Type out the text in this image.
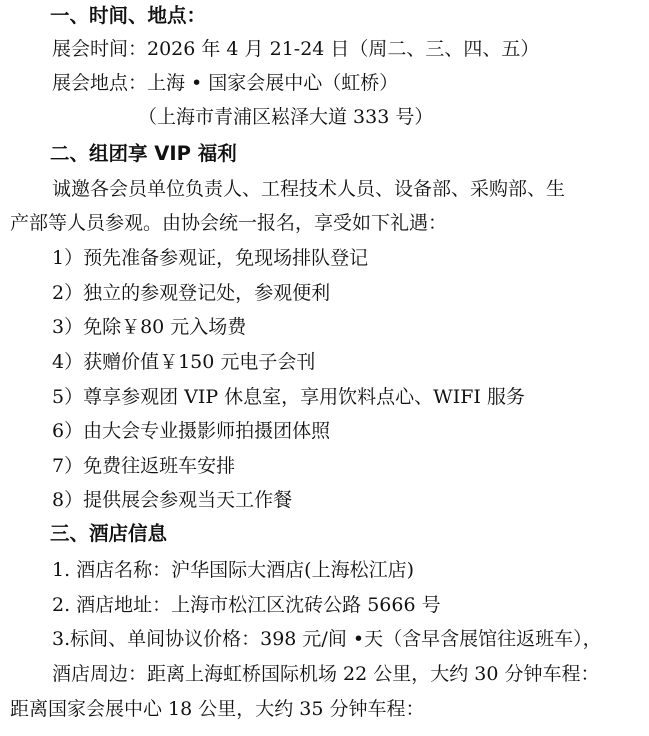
一、时间、地点：
展会时间：2026 年 4 月 21-24 日（周二、三、四、五）
展会地点：上海 • 国家会展中心（虹桥）
（上海市青浦区崧泽大道 333 号）
二、组团享 VIP 福利
诚邀各会员单位负责人、工程技术人员、设备部、采购部、生
产部等人员参观。由协会统一报名，享受如下礼遇：
1）预先准备参观证，免现场排队登记
2）独立的参观登记处，参观便利
3）免除￥80 元入场费
4）获赠价值￥150 元电子会刊
5）尊享参观团 VIP 休息室，享用饮料点心、WIFI 服务
6）由大会专业摄影师拍摄团体照
7）免费往返班车安排
8）提供展会参观当天工作餐
三、酒店信息
1. 酒店名称：沪华国际大酒店(上海松江店)
2. 酒店地址：上海市松江区沈砖公路 5666 号
3.标间、单间协议价格：398 元/间 •天（含早含展馆往返班车），
酒店周边：距离上海虹桥国际机场 22 公里，大约 30 分钟车程：
距离国家会展中心 18 公里，大约 35 分钟车程：
